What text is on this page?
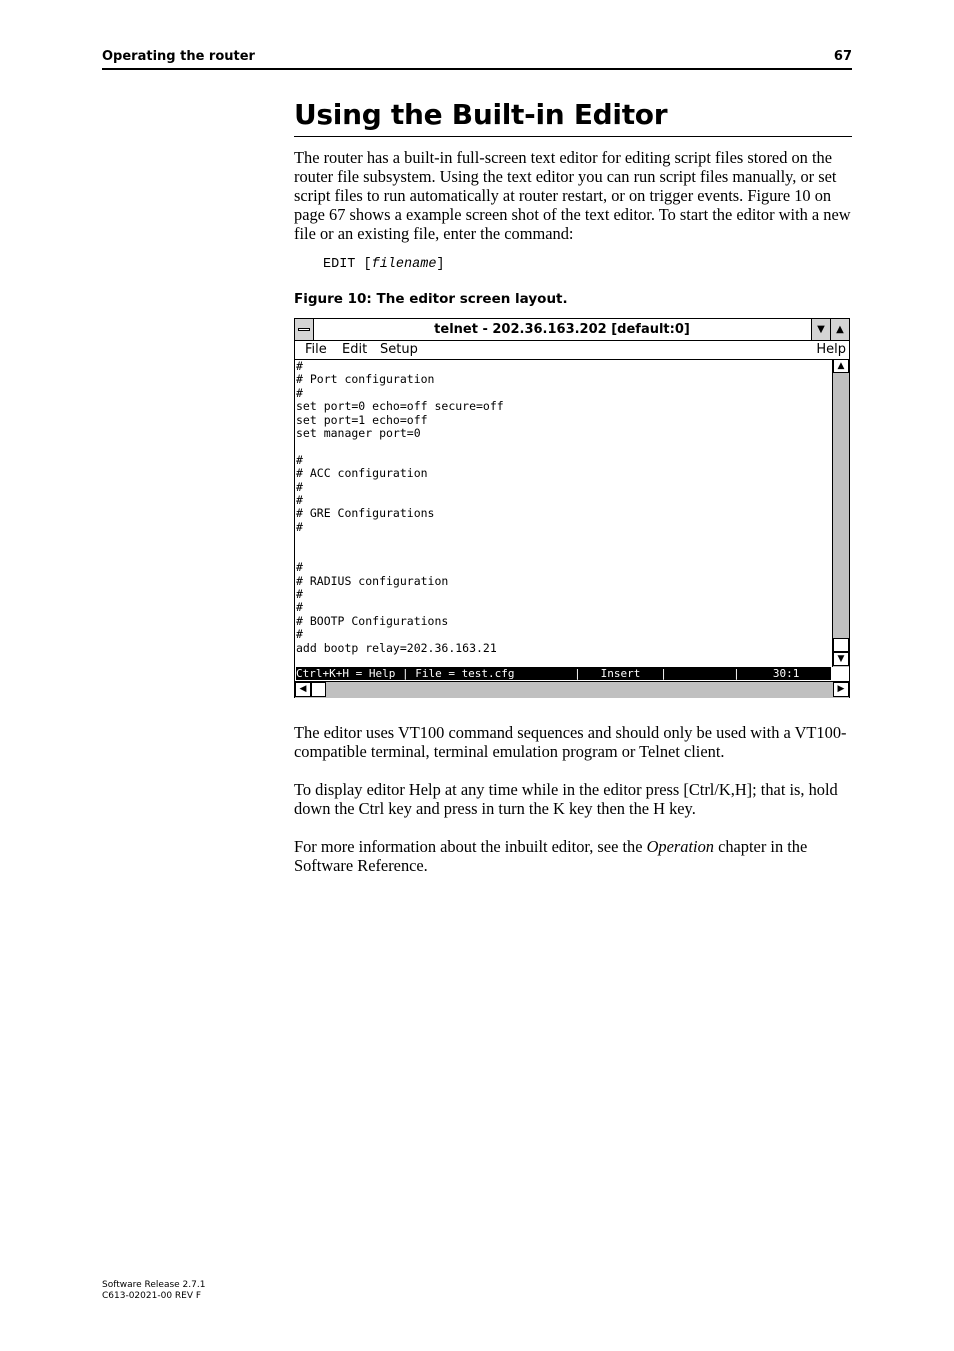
Operating the router	67
Using the Built-in Editor

The router has a built-in full-screen text editor for editing script files stored on the router file subsystem. Using the text editor you can run script files manually, or set script files to run automatically at router restart, or on trigger events. Figure 10 on page 67 shows a example screen shot of the text editor. To start the editor with a new file or an existing file, enter the command:

EDIT [filename]
Figure 10: The editor screen layout.
telnet - 202.36.163.202 [default:0]	▼	▲
File Edit Setup	Help
#
# Port configuration
#
set port=0 echo=off secure=off
set port=1 echo=off
set manager port=0

#
# ACC configuration
#
#
# GRE Configurations
#

#
# RADIUS configuration
#
#
# BOOTP Configurations
#
add bootp relay=202.36.163.21
▲
▼
Ctrl+K+H = Help | File = test.cfg         |   Insert   |          |     30:1
◀	▶

The editor uses VT100 command sequences and should only be used with a VT100-compatible terminal, terminal emulation program or Telnet client.

To display editor Help at any time while in the editor press [Ctrl/K,H]; that is, hold down the Ctrl key and press in turn the K key then the H key.

For more information about the inbuilt editor, see the Operation chapter in the Software Reference.

Software Release 2.7.1
C613-02021-00 REV F
